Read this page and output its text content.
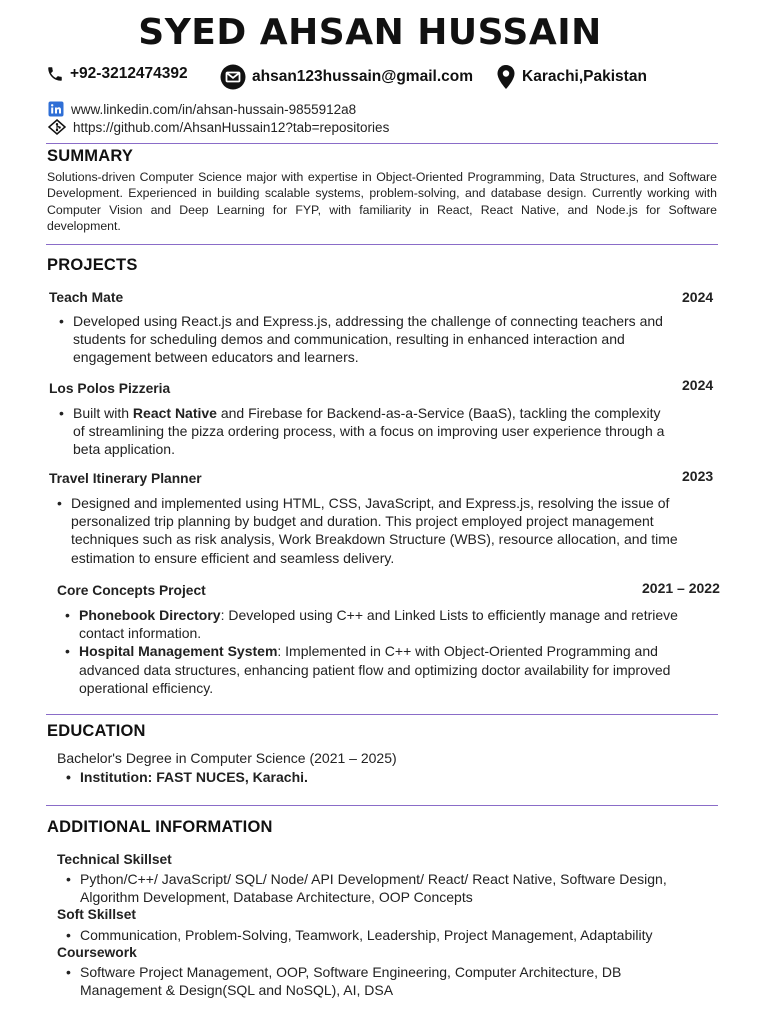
SYED AHSAN HUSSAIN
+92-3212474392	ahsan123hussain@gmail.com	Karachi,Pakistan
www.linkedin.com/in/ahsan-hussain-9855912a8
https://github.com/AhsanHussain12?tab=repositories
SUMMARY
Solutions-driven Computer Science major with expertise in Object-Oriented Programming, Data Structures, and Software Development. Experienced in building scalable systems, problem-solving, and database design. Currently working with Computer Vision and Deep Learning for FYP, with familiarity in React, React Native, and Node.js for Software development.
PROJECTS
Teach Mate	2024
• Developed using React.js and Express.js, addressing the challenge of connecting teachers and students for scheduling demos and communication, resulting in enhanced interaction and engagement between educators and learners.
Los Polos Pizzeria	2024
• Built with React Native and Firebase for Backend-as-a-Service (BaaS), tackling the complexity of streamlining the pizza ordering process, with a focus on improving user experience through a beta application.
Travel Itinerary Planner	2023
• Designed and implemented using HTML, CSS, JavaScript, and Express.js, resolving the issue of personalized trip planning by budget and duration. This project employed project management techniques such as risk analysis, Work Breakdown Structure (WBS), resource allocation, and time estimation to ensure efficient and seamless delivery.
Core Concepts Project	2021 – 2022
• Phonebook Directory: Developed using C++ and Linked Lists to efficiently manage and retrieve contact information.
• Hospital Management System: Implemented in C++ with Object-Oriented Programming and advanced data structures, enhancing patient flow and optimizing doctor availability for improved operational efficiency.
EDUCATION
Bachelor's Degree in Computer Science (2021 – 2025)
• Institution: FAST NUCES, Karachi.
ADDITIONAL INFORMATION
Technical Skillset
• Python/C++/ JavaScript/ SQL/ Node/ API Development/ React/ React Native, Software Design, Algorithm Development, Database Architecture, OOP Concepts
Soft Skillset
• Communication, Problem-Solving, Teamwork, Leadership, Project Management, Adaptability
Coursework
• Software Project Management, OOP, Software Engineering, Computer Architecture, DB Management & Design(SQL and NoSQL), AI, DSA
